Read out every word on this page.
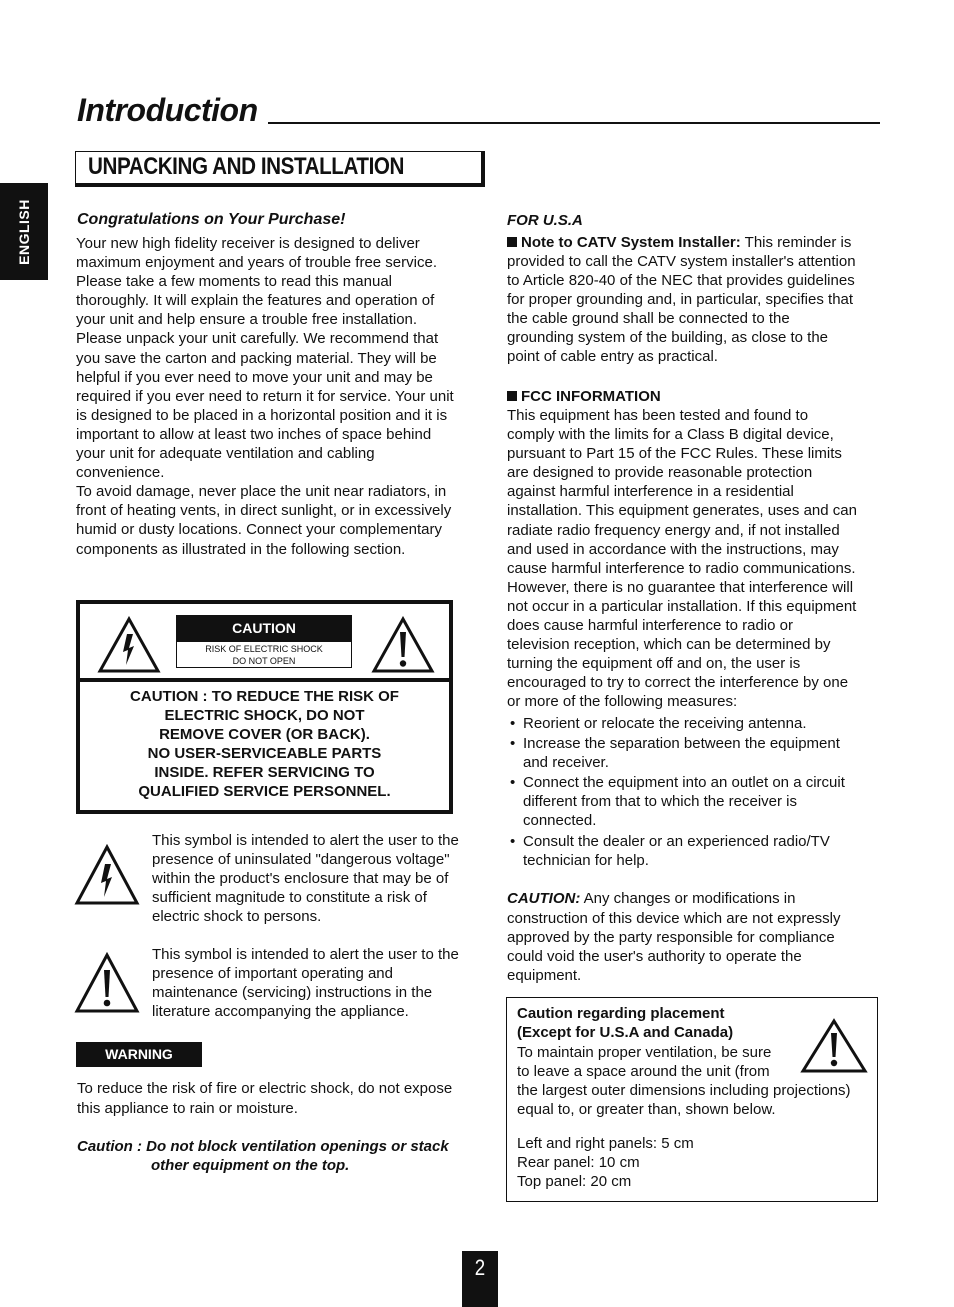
Introduction
UNPACKING AND INSTALLATION
ENGLISH	Congratulations on Your Purchase!
Your new high fidelity receiver is designed to deliver
maximum enjoyment and years of trouble free service.
Please take a few moments to read this manual
thoroughly. It will explain the features and operation of
your unit and help ensure a trouble free installation.
Please unpack your unit carefully. We recommend that
you save the carton and packing material. They will be
helpful if you ever need to move your unit and may be
required if you ever need to return it for service. Your unit
is designed to be placed in a horizontal position and it is
important to allow at least two inches of space behind
your unit for adequate ventilation and cabling
convenience.
To avoid damage, never place the unit near radiators, in
front of heating vents, in direct sunlight, or in excessively
humid or dusty locations. Connect your complementary
components as illustrated in the following section.
CAUTION
RISK OF ELECTRIC SHOCK
DO NOT OPEN
CAUTION : TO REDUCE THE RISK OF
ELECTRIC SHOCK, DO NOT
REMOVE COVER (OR BACK).
NO USER-SERVICEABLE PARTS
INSIDE. REFER SERVICING TO
QUALIFIED SERVICE PERSONNEL.
This symbol is intended to alert the user to the
presence of uninsulated "dangerous voltage"
within the product's enclosure that may be of
sufficient magnitude to constitute a risk of
electric shock to persons.
This symbol is intended to alert the user to the
presence of important operating and
maintenance (servicing) instructions in the
literature accompanying the appliance.
WARNING
To reduce the risk of fire or electric shock, do not expose
this appliance to rain or moisture.
Caution : Do not block ventilation openings or stack
other equipment on the top.
FOR U.S.A
Note to CATV System Installer: This reminder is
provided to call the CATV system installer's attention
to Article 820-40 of the NEC that provides guidelines
for proper grounding and, in particular, specifies that
the cable ground shall be connected to the
grounding system of the building, as close to the
point of cable entry as practical.
FCC INFORMATION
This equipment has been tested and found to
comply with the limits for a Class B digital device,
pursuant to Part 15 of the FCC Rules. These limits
are designed to provide reasonable protection
against harmful interference in a residential
installation. This equipment generates, uses and can
radiate radio frequency energy and, if not installed
and used in accordance with the instructions, may
cause harmful interference to radio communications.
However, there is no guarantee that interference will
not occur in a particular installation. If this equipment
does cause harmful interference to radio or
television reception, which can be determined by
turning the equipment off and on, the user is
encouraged to try to correct the interference by one
or more of the following measures:
• Reorient or relocate the receiving antenna.
• Increase the separation between the equipment
and receiver.
• Connect the equipment into an outlet on a circuit
different from that to which the receiver is
connected.
• Consult the dealer or an experienced radio/TV
technician for help.
CAUTION: Any changes or modifications in
construction of this device which are not expressly
approved by the party responsible for compliance
could void the user's authority to operate the
equipment.
Caution regarding placement
(Except for U.S.A and Canada)
To maintain proper ventilation, be sure
to leave a space around the unit (from
the largest outer dimensions including projections)
equal to, or greater than, shown below.
Left and right panels: 5 cm
Rear panel: 10 cm
Top panel: 20 cm
2
